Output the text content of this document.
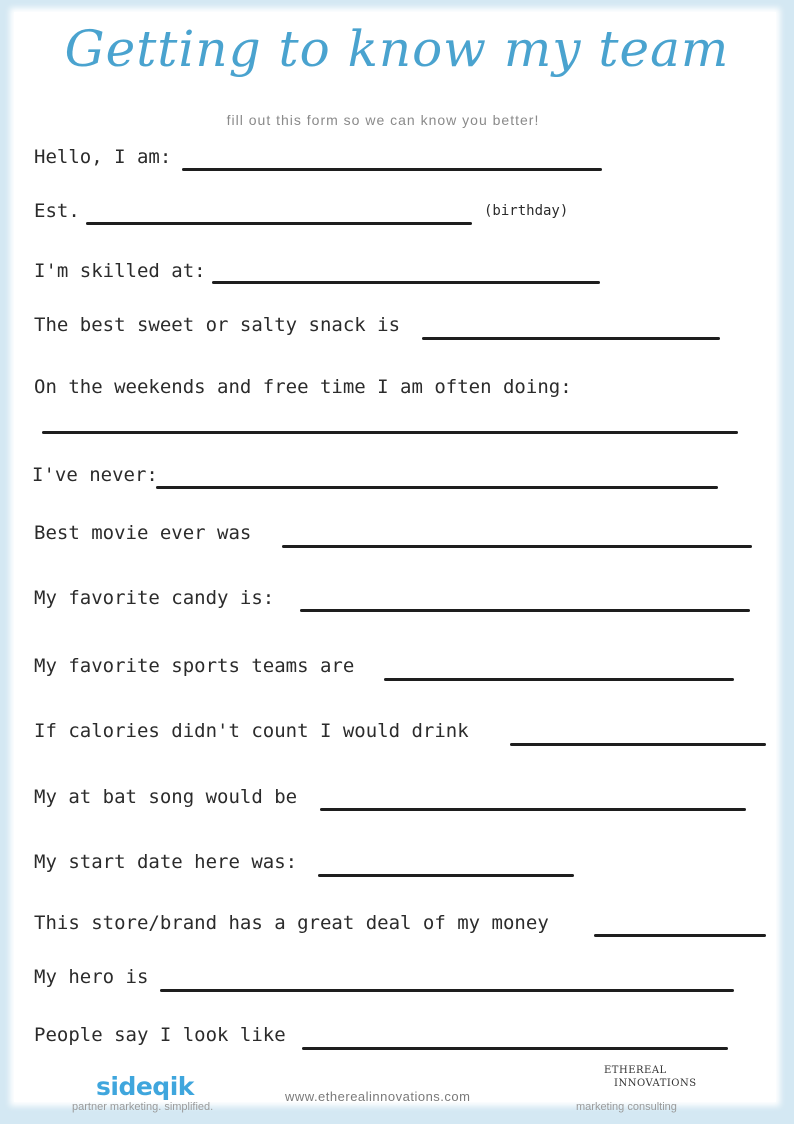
Getting to know my team
fill out this form so we can know you better!
Hello, I am:
Est.	(birthday)
I'm skilled at:
The best sweet or salty snack is
On the weekends and free time I am often doing:
I've never:
Best movie ever was
My favorite candy is:
My favorite sports teams are
If calories didn't count I would drink
My at bat song would be
My start date here was:
This store/brand has a great deal of my money
My hero is
People say I look like
sideqik
partner marketing. simplified.
www.etherealinnovations.com
ETHEREAL
INNOVATIONS
marketing consulting
